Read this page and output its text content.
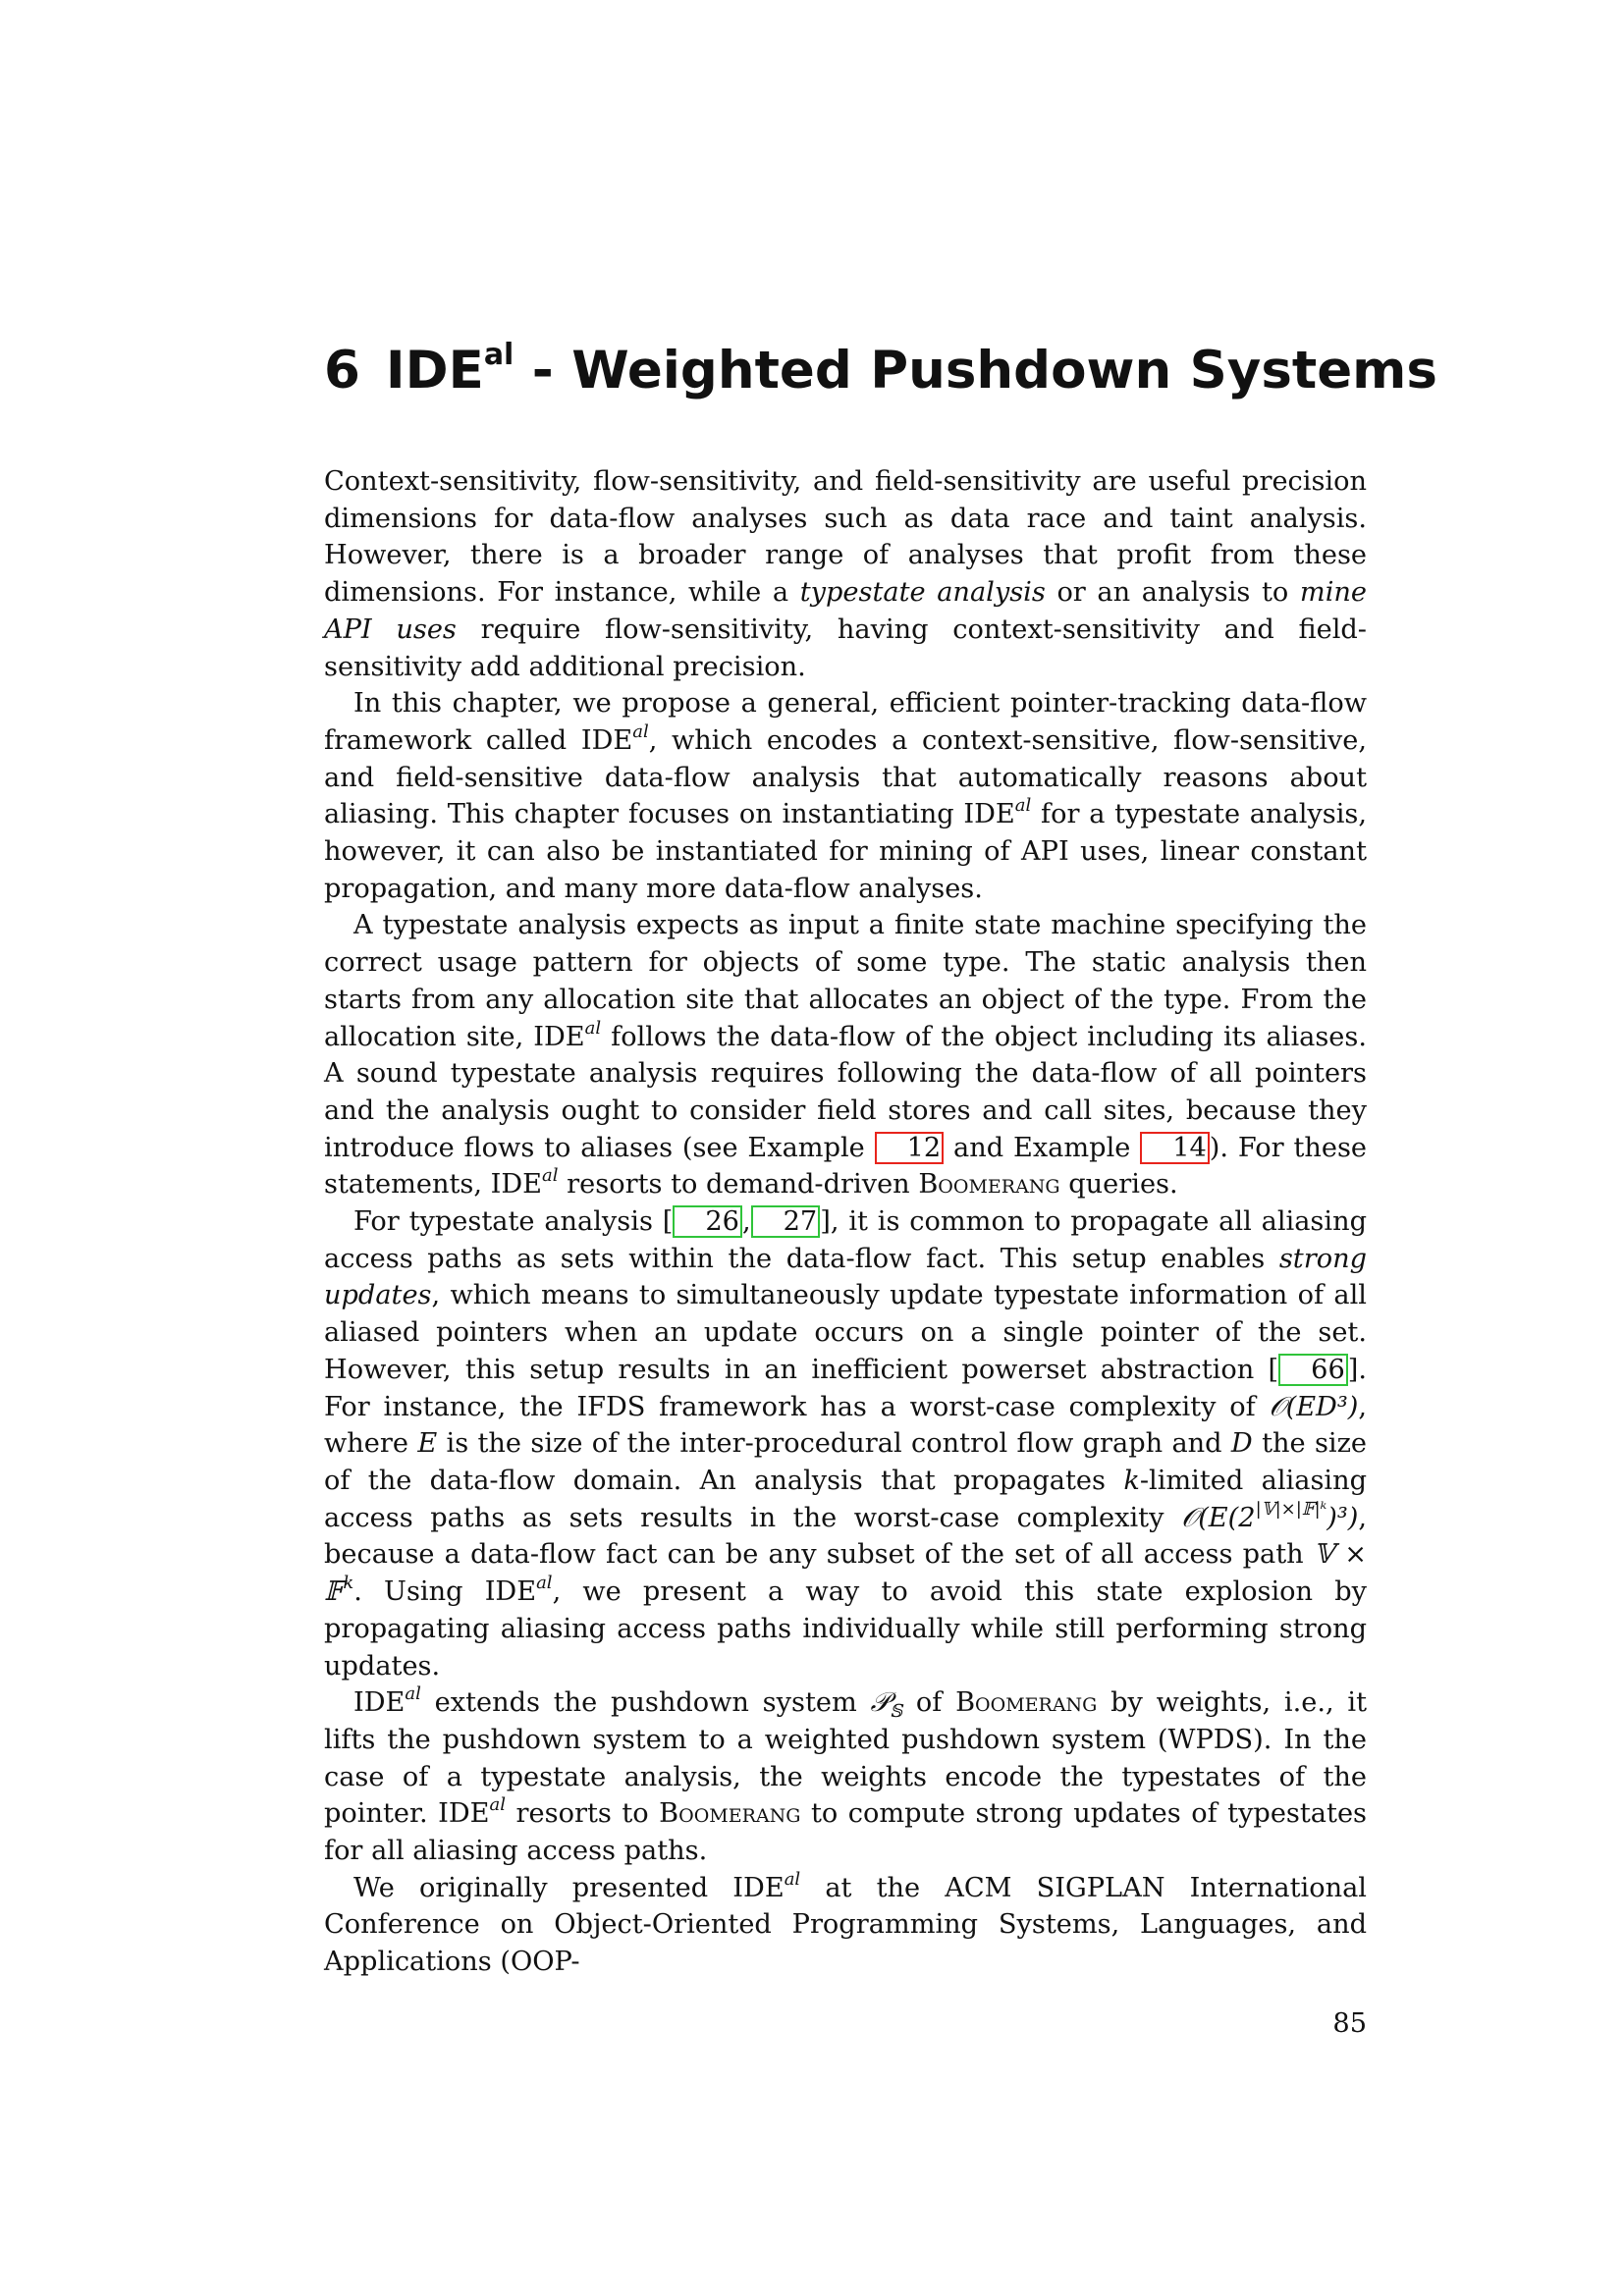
6 $IDE^{al}$ - Weighted Pushdown Systems

Context-sensitivity, flow-sensitivity, and field-sensitivity are useful precision dimensions for data-flow analyses such as data race and taint analysis. However, there is a broader range of analyses that profit from these dimensions. For instance, while a typestate analysis or an analysis to mine API uses require flow-sensitivity, having context-sensitivity and field-sensitivity add additional precision.

In this chapter, we propose a general, efficient pointer-tracking data-flow framework called $IDE^{al}$, which encodes a context-sensitive, flow-sensitive, and field-sensitive data-flow analysis that automatically reasons about aliasing. This chapter focuses on instantiating $IDE^{al}$ for a typestate analysis, however, it can also be instantiated for mining of API uses, linear constant propagation, and many more data-flow analyses.

A typestate analysis expects as input a finite state machine specifying the correct usage pattern for objects of some type. The static analysis then starts from any allocation site that allocates an object of the type. From the allocation site, $IDE^{al}$ follows the data-flow of the object including its aliases. A sound typestate analysis requires following the data-flow of all pointers and the analysis ought to consider field stores and call sites, because they introduce flows to aliases (see Example 12 and Example 14 ). For these statements, $IDE^{al}$ resorts to demand-driven Boomerang queries.

For typestate analysis [ 26 , 27 ], it is common to propagate all aliasing access paths as sets within the data-flow fact. This setup enables strong updates, which means to simultaneously update typestate information of all aliased pointers when an update occurs on a single pointer of the set. However, this setup results in an inefficient powerset abstraction [ 66 ]. For instance, the IFDS framework has a worst-case complexity of 𝒪(ED³), where E is the size of the inter-procedural control flow graph and D the size of the data-flow domain. An analysis that propagates k-limited aliasing access paths as sets results in the worst-case complexity $𝒪(E(2^{|𝕍|\times|𝔽|ᵏ})^3)$, because a data-flow fact can be any subset of the set of all access path 𝕍 × 𝔽$^k$. Using $IDE^{al}$, we present a way to avoid this state explosion by propagating aliasing access paths individually while still performing strong updates.

$IDE^{al}$ extends the pushdown system 𝒫$_𝕊$ of Boomerang by weights, i.e., it lifts the pushdown system to a weighted pushdown system (WPDS). In the case of a typestate analysis, the weights encode the typestates of the pointer. $IDE^{al}$ resorts to Boomerang to compute strong updates of typestates for all aliasing access paths.

We originally presented $IDE^{al}$ at the ACM SIGPLAN International Conference on Object-Oriented Programming Systems, Languages, and Applications (OOP-

85
